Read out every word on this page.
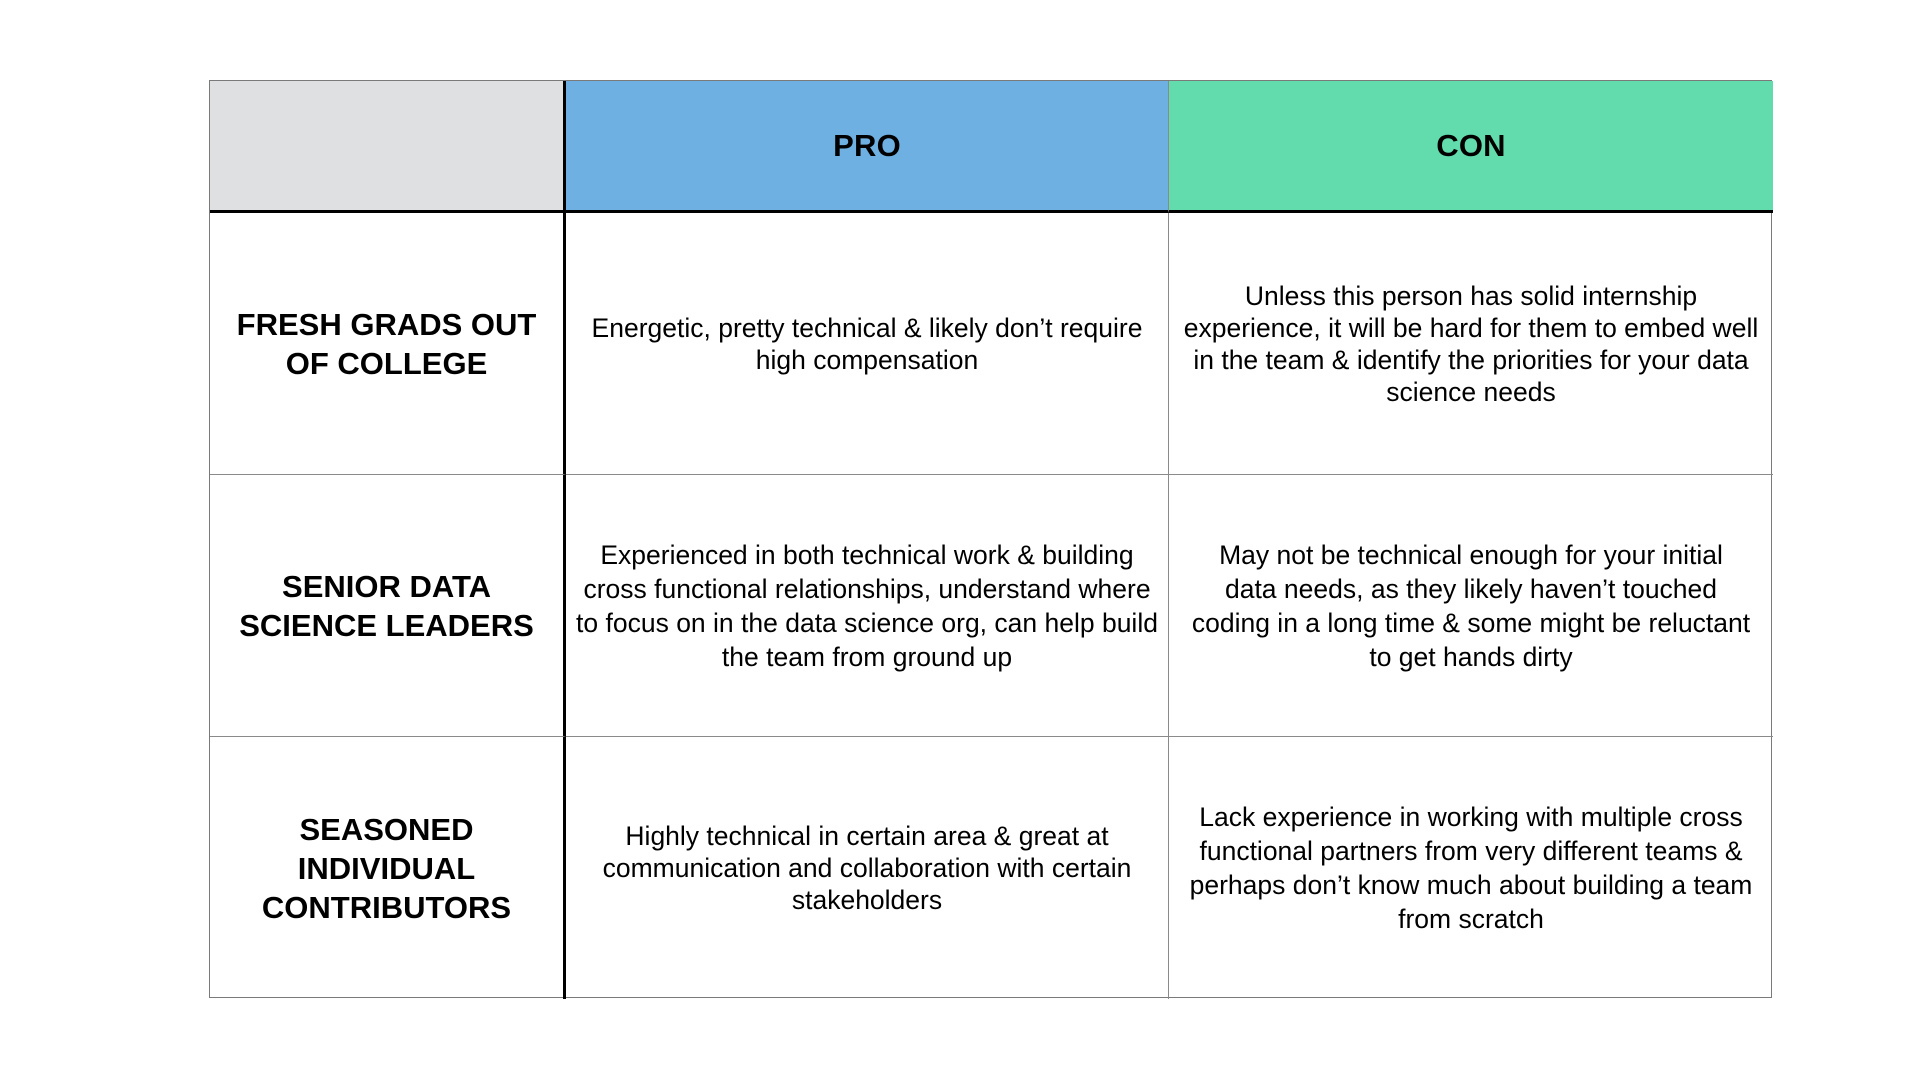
PRO	CON
FRESH GRADS OUT OF COLLEGE
Energetic, pretty technical & likely don’t require high compensation
Unless this person has solid internship experience, it will be hard for them to embed well in the team & identify the priorities for your data science needs
SENIOR DATA SCIENCE LEADERS
Experienced in both technical work & building cross functional relationships, understand where to focus on in the data science org, can help build the team from ground up
May not be technical enough for your initial data needs, as they likely haven’t touched coding in a long time & some might be reluctant to get hands dirty
SEASONED INDIVIDUAL CONTRIBUTORS
Highly technical in certain area & great at communication and collaboration with certain stakeholders
Lack experience in working with multiple cross functional partners from very different teams & perhaps don’t know much about building a team from scratch
